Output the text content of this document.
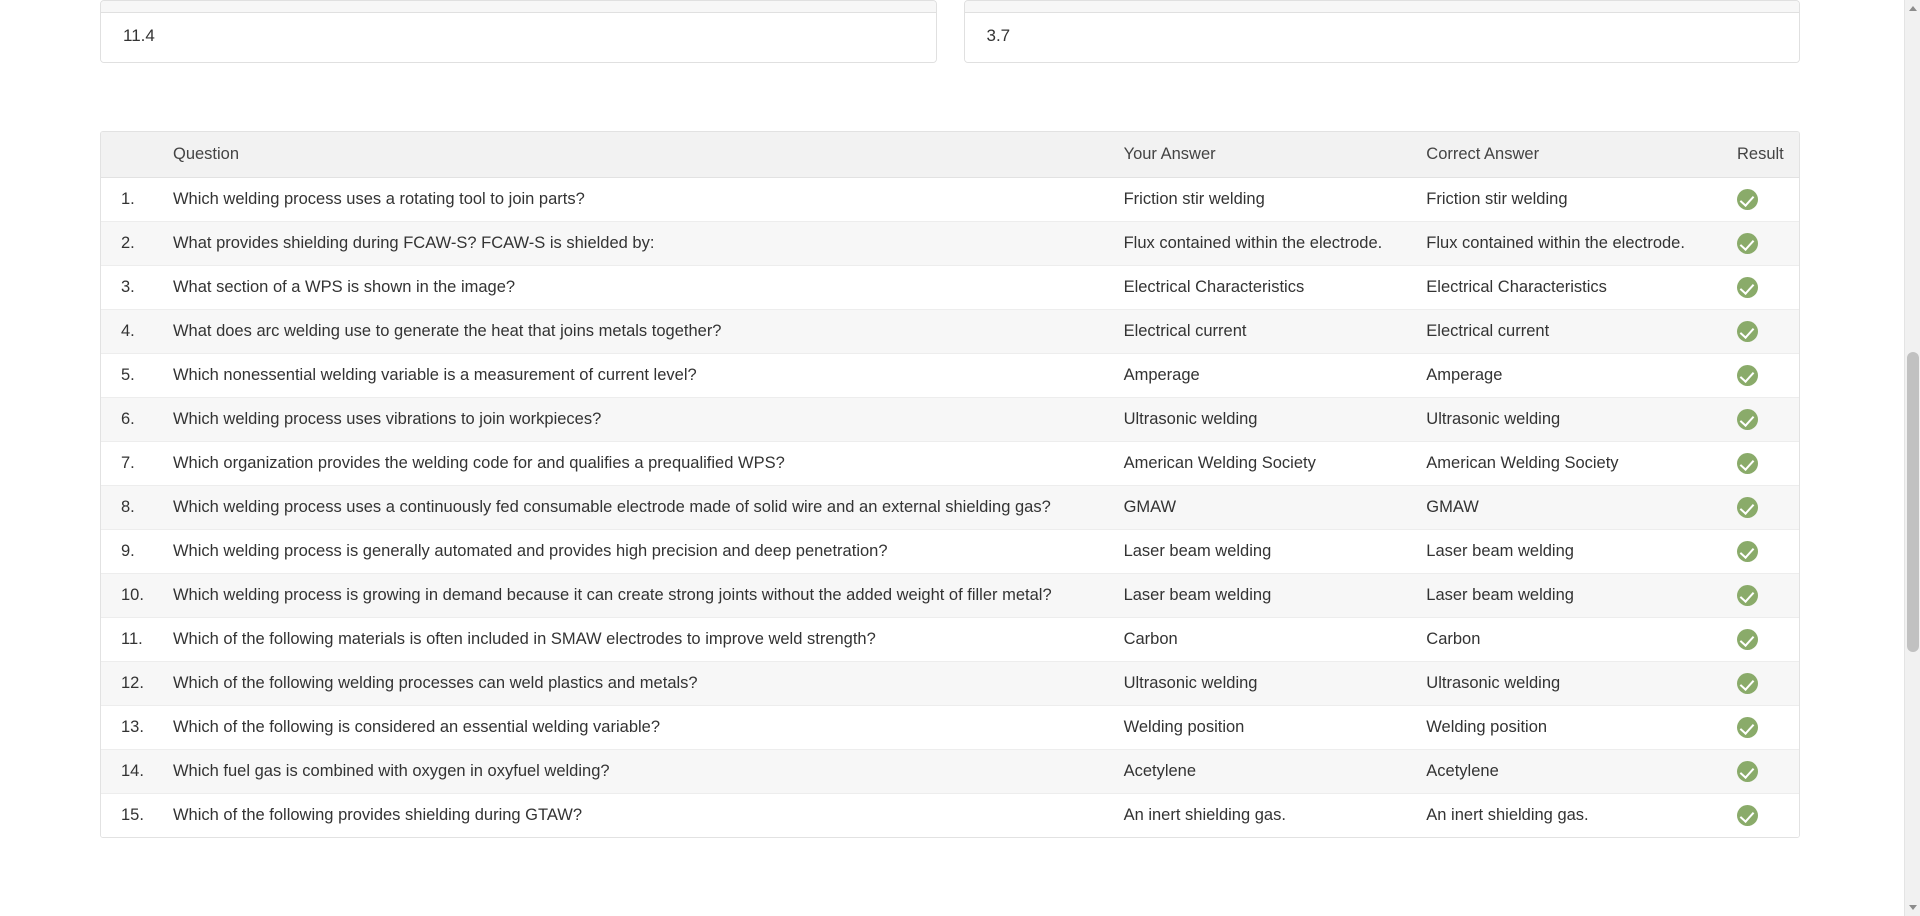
11.4	3.7
	Question	Your Answer	Correct Answer	Result
1.	Which welding process uses a rotating tool to join parts?	Friction stir welding	Friction stir welding	
2.	What provides shielding during FCAW-S? FCAW-S is shielded by:	Flux contained within the electrode.	Flux contained within the electrode.	
3.	What section of a WPS is shown in the image?	Electrical Characteristics	Electrical Characteristics	
4.	What does arc welding use to generate the heat that joins metals together?	Electrical current	Electrical current	
5.	Which nonessential welding variable is a measurement of current level?	Amperage	Amperage	
6.	Which welding process uses vibrations to join workpieces?	Ultrasonic welding	Ultrasonic welding	
7.	Which organization provides the welding code for and qualifies a prequalified WPS?	American Welding Society	American Welding Society	
8.	Which welding process uses a continuously fed consumable electrode made of solid wire and an external shielding gas?	GMAW	GMAW	
9.	Which welding process is generally automated and provides high precision and deep penetration?	Laser beam welding	Laser beam welding	
10.	Which welding process is growing in demand because it can create strong joints without the added weight of filler metal?	Laser beam welding	Laser beam welding	
11.	Which of the following materials is often included in SMAW electrodes to improve weld strength?	Carbon	Carbon	
12.	Which of the following welding processes can weld plastics and metals?	Ultrasonic welding	Ultrasonic welding	
13.	Which of the following is considered an essential welding variable?	Welding position	Welding position	
14.	Which fuel gas is combined with oxygen in oxyfuel welding?	Acetylene	Acetylene	
15.	Which of the following provides shielding during GTAW?	An inert shielding gas.	An inert shielding gas.	
